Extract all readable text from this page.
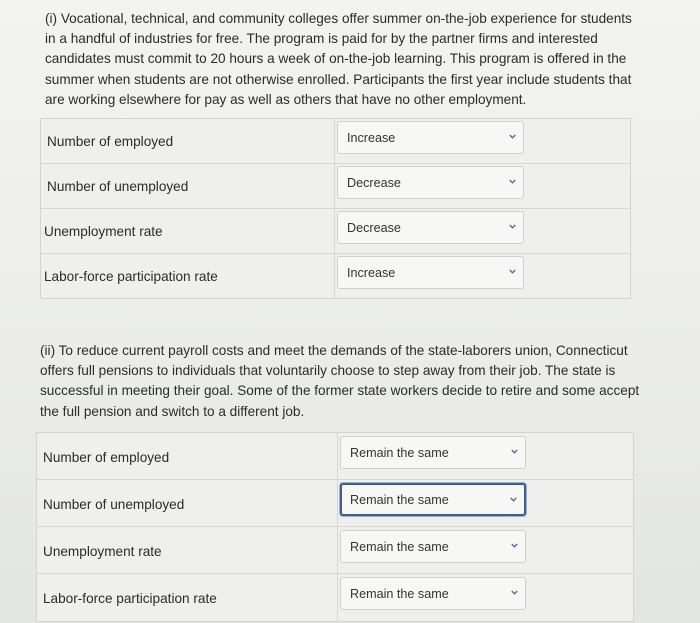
(i) Vocational, technical, and community colleges offer summer on-the-job experience for students in a handful of industries for free. The program is paid for by the partner firms and interested candidates must commit to 20 hours a week of on-the-job learning. This program is offered in the summer when students are not otherwise enrolled. Participants the first year include students that are working elsewhere for pay as well as others that have no other employment.

Number of employed	Increase
Number of unemployed	Decrease
Unemployment rate	Decrease
Labor-force participation rate	Increase

(ii) To reduce current payroll costs and meet the demands of the state-laborers union, Connecticut offers full pensions to individuals that voluntarily choose to step away from their job. The state is successful in meeting their goal. Some of the former state workers decide to retire and some accept the full pension and switch to a different job.

Number of employed	Remain the same
Number of unemployed	Remain the same
Unemployment rate	Remain the same
Labor-force participation rate	Remain the same
